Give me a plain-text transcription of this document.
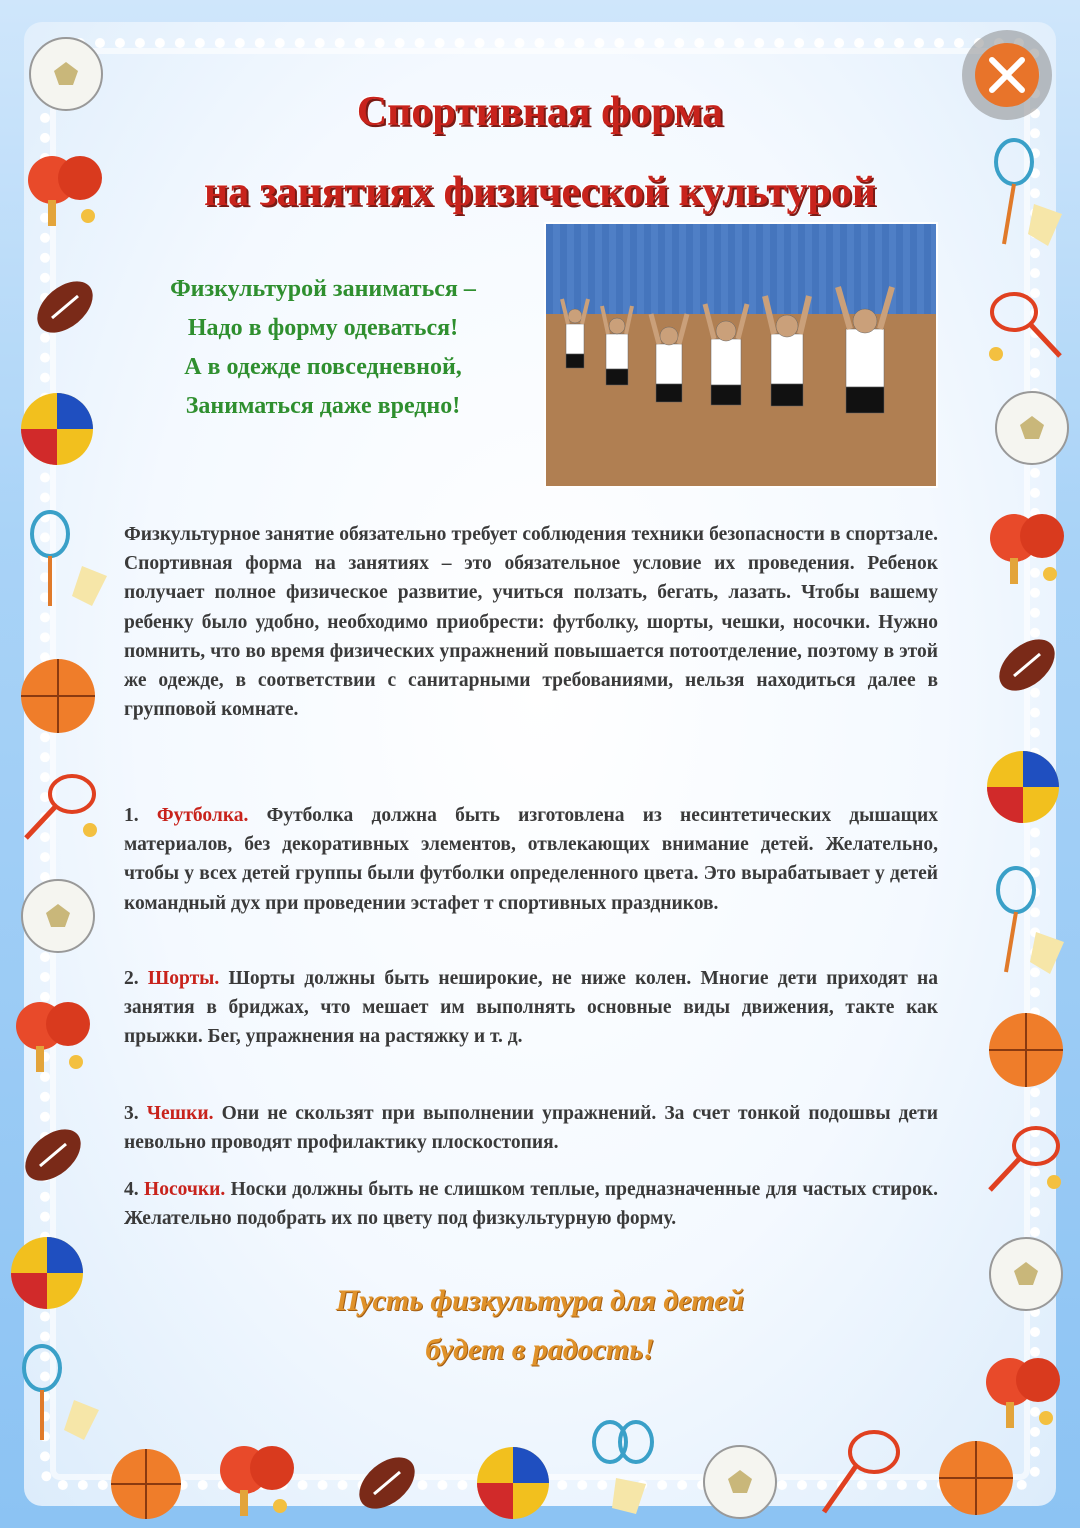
Спортивная форма
на занятиях физической культурой
Физкультурой заниматься –
Надо в форму одеваться!
А в одежде повседневной,
Заниматься даже вредно!
Физкультурное занятие обязательно требует соблюдения техники безопасности в спортзале. Спортивная форма на занятиях – это обязательное условие их проведения. Ребенок получает полное физическое развитие, учиться ползать, бегать, лазать. Чтобы вашему ребенку было удобно, необходимо приобрести: футболку, шорты, чешки, носочки. Нужно помнить, что во время физических упражнений повышается потоотделение, поэтому в этой же одежде, в соответствии с санитарными требованиями, нельзя находиться далее в групповой комнате.
1. Футболка. Футболка должна быть изготовлена из несинтетических дышащих материалов, без декоративных элементов, отвлекающих внимание детей. Желательно, чтобы у всех детей группы были футболки определенного цвета. Это вырабатывает у детей командный дух при проведении эстафет т спортивных праздников.
2. Шорты. Шорты должны быть неширокие, не ниже колен. Многие дети приходят на занятия в бриджах, что мешает им выполнять основные виды движения, такте как прыжки. Бег, упражнения на растяжку и т. д.
3. Чешки. Они не скользят при выполнении упражнений. За счет тонкой подошвы дети невольно проводят профилактику плоскостопия.
4. Носочки. Носки должны быть не слишком теплые, предназначенные для частых стирок. Желательно подобрать их по цвету под физкультурную форму.
Пусть физкультура для детей
будет в радость!
